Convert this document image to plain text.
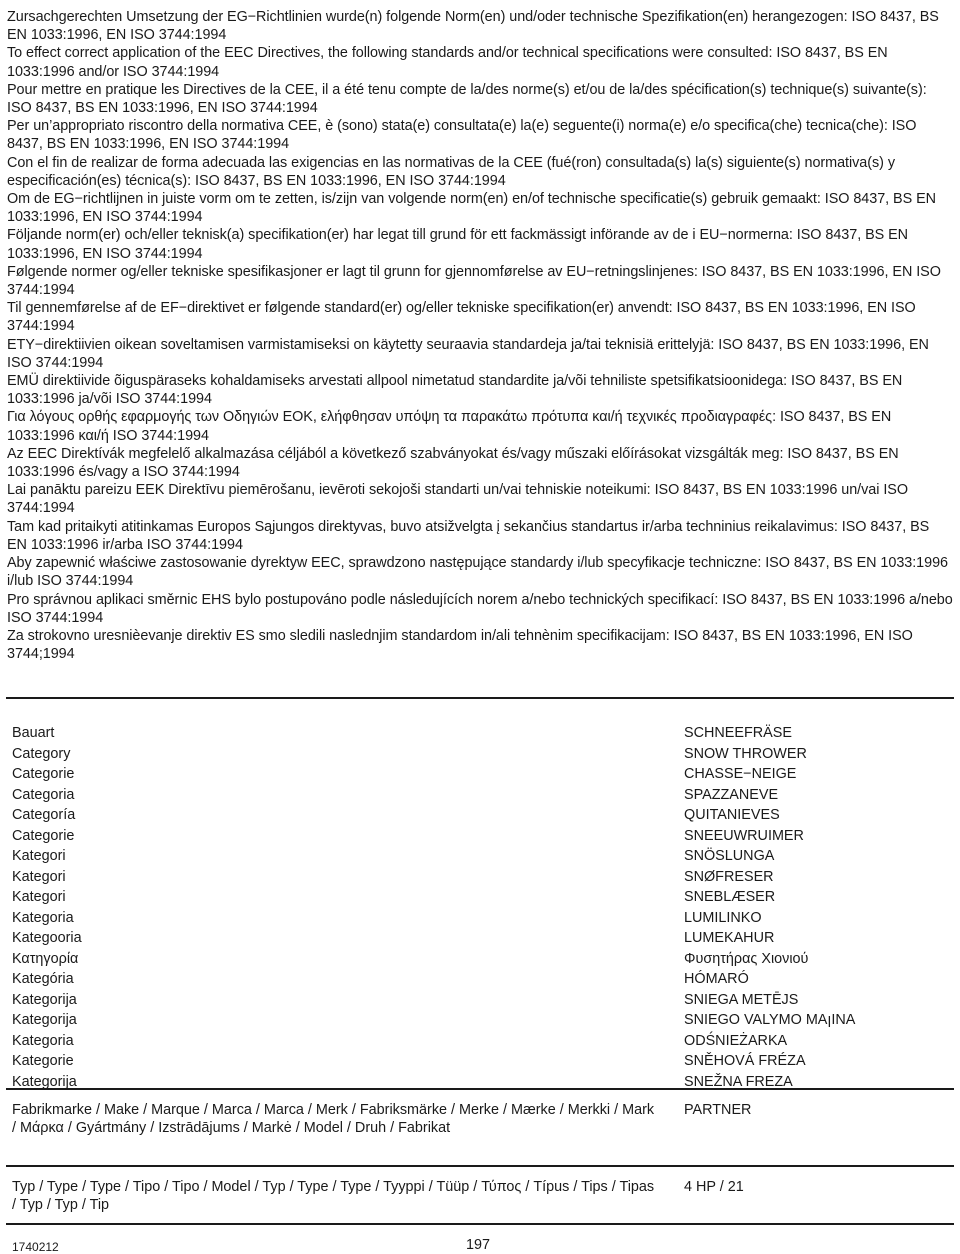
Zursachgerechten Umsetzung der EG−Richtlinien wurde(n) folgende Norm(en) und/oder technische Spezifikation(en) herangezogen: ISO 8437, BS EN 1033:1996, EN ISO 3744:1994

To effect correct application of the EEC Directives, the following standards and/or technical specifications were consulted: ISO 8437, BS EN 1033:1996 and/or ISO 3744:1994

Pour mettre en pratique les Directives de la CEE, il a été tenu compte de la/des norme(s) et/ou de la/des spécification(s) technique(s) suivante(s): ISO 8437, BS EN 1033:1996, EN ISO 3744:1994

Per un’appropriato riscontro della normativa CEE, è (sono) stata(e) consultata(e) la(e) seguente(i) norma(e) e/o specifica(che) tecnica(che): ISO 8437, BS EN 1033:1996, EN ISO 3744:1994

Con el fin de realizar de forma adecuada las exigencias en las normativas de la CEE (fué(ron) consultada(s) la(s) siguiente(s) normativa(s) y especificación(es) técnica(s): ISO 8437, BS EN 1033:1996, EN ISO 3744:1994

Om de EG−richtlijnen in juiste vorm om te zetten, is/zijn van volgende norm(en) en/of technische specificatie(s) gebruik gemaakt: ISO 8437, BS EN 1033:1996, EN ISO 3744:1994

Följande norm(er) och/eller teknisk(a) specifikation(er) har legat till grund för ett fackmässigt införande av de i EU−normerna: ISO 8437, BS EN 1033:1996, EN ISO 3744:1994

Følgende normer og/eller tekniske spesifikasjoner er lagt til grunn for gjennomførelse av EU−retningslinjenes: ISO 8437, BS EN 1033:1996, EN ISO 3744:1994

Til gennemførelse af de EF−direktivet er følgende standard(er) og/eller tekniske specifikation(er) anvendt: ISO 8437, BS EN 1033:1996, EN ISO 3744:1994

ETY−direktiivien oikean soveltamisen varmistamiseksi on käytetty seuraavia standardeja ja/tai teknisiä erittelyjä: ISO 8437, BS EN 1033:1996, EN ISO 3744:1994

EMÜ direktiivide õiguspäraseks kohaldamiseks arvestati allpool nimetatud standardite ja/või tehniliste spetsifikatsioonidega: ISO 8437, BS EN 1033:1996 ja/või ISO 3744:1994

Για λόγους ορθής εφαρμογής των Οδηγιών ΕΟΚ, ελήφθησαν υπόψη τα παρακάτω πρότυπα και/ή τεχνικές προδιαγραφές: ISO 8437, BS EN 1033:1996 και/ή ISO 3744:1994

Az EEC Direktívák megfelelő alkalmazása céljából a következő szabványokat és/vagy műszaki előírásokat vizsgálták meg: ISO 8437, BS EN 1033:1996 és/vagy a ISO 3744:1994

Lai panāktu pareizu EEK Direktīvu piemērošanu, ievēroti sekojoši standarti un/vai tehniskie noteikumi: ISO 8437, BS EN 1033:1996 un/vai ISO 3744:1994

Tam kad pritaikyti atitinkamas Europos Sąjungos direktyvas, buvo atsižvelgta į sekančius standartus ir/arba techninius reikalavimus: ISO 8437, BS EN 1033:1996 ir/arba ISO 3744:1994

Aby zapewnić właściwe zastosowanie dyrektyw EEC, sprawdzono następujące standardy i/lub specyfikacje techniczne: ISO 8437, BS EN 1033:1996 i/lub ISO 3744:1994

Pro správnou aplikaci směrnic EHS bylo postupováno podle následujících norem a/nebo technických specifikací: ISO 8437, BS EN 1033:1996 a/nebo ISO 3744:1994

Za strokovno uresnièevanje direktiv ES smo sledili naslednjim standardom in/ali tehnènim specifikacijam: ISO 8437, BS EN 1033:1996, EN ISO 3744;1994

Bauart
Category
Categorie
Categoria
Categoría
Categorie
Kategori
Kategori
Kategori
Kategoria
Kategooria
Κατηγορία
Kategória
Kategorija
Kategorija
Kategoria
Kategorie
Kategorija
SCHNEEFRÄSE
SNOW THROWER
CHASSE−NEIGE
SPAZZANEVE
QUITANIEVES
SNEEUWRUIMER
SNÖSLUNGA
SNØFRESER
SNEBLÆSER
LUMILINKO
LUMEKAHUR
Φυσητήρας Χιονιού
HÓMARÓ
SNIEGA METĒJS
SNIEGO VALYMO MAꞁINA
ODŚNIEŻARKA
SNĚHOVÁ FRÉZA
SNEŽNA FREZA
Fabrikmarke / Make / Marque / Marca / Marca / Merk / Fabriksmärke / Merke / Mærke / Merkki / Mark / Μάρκα / Gyártmány / Izstrādājums / Markė / Model / Druh / Fabrikat
PARTNER
Typ / Type / Type / Tipo / Tipo / Model / Typ / Type / Type / Tyyppi / Tüüp / Τύπος / Típus / Tips / Tipas / Typ / Typ / Tip
4 HP / 21
1740212	197
